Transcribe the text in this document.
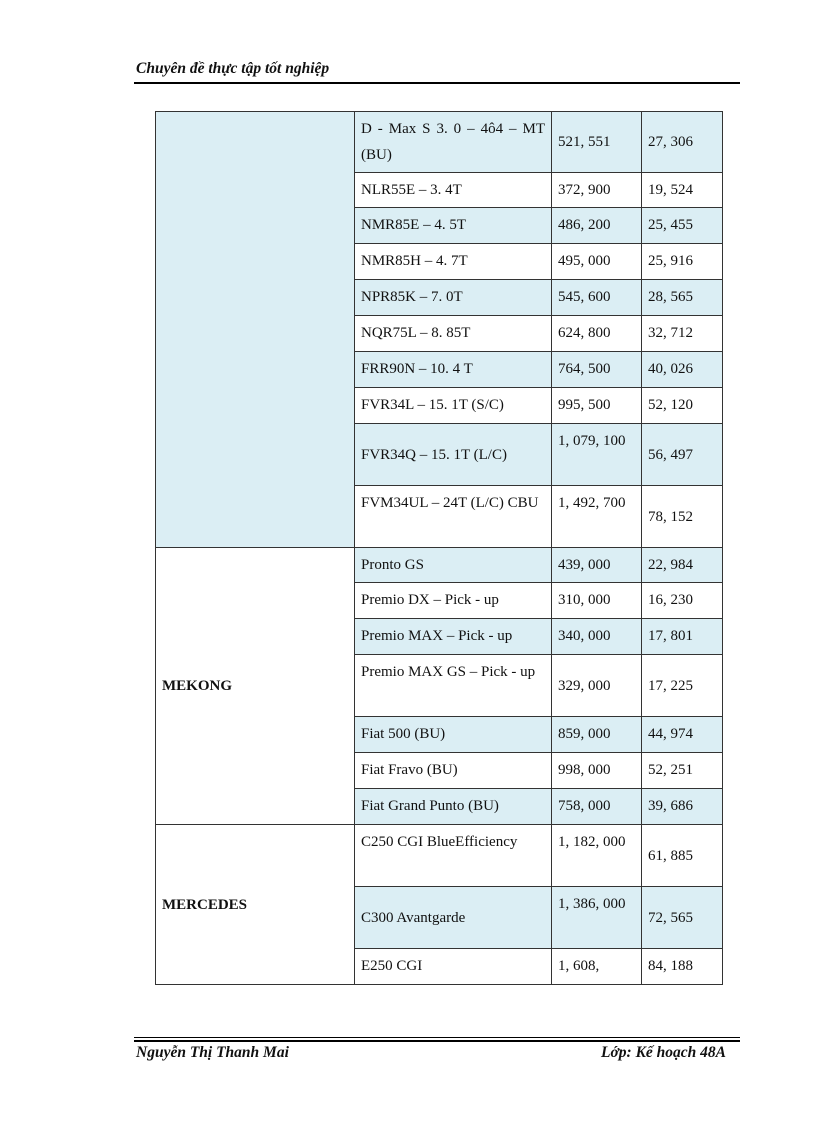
Chuyên đề thực tập tốt nghiệp
	D - Max S 3. 0 – 4ô4 – MT (BU)	521, 551	27, 306
	NLR55E – 3. 4T	372, 900	19, 524
	NMR85E – 4. 5T	486, 200	25, 455
	NMR85H – 4. 7T	495, 000	25, 916
	NPR85K – 7. 0T	545, 600	28, 565
	NQR75L – 8. 85T	624, 800	32, 712
	FRR90N – 10. 4 T	764, 500	40, 026
	FVR34L – 15. 1T (S/C)	995, 500	52, 120
	FVR34Q – 15. 1T (L/C)	1, 079, 100	56, 497
	FVM34UL – 24T (L/C) CBU	1, 492, 700	78, 152
MEKONG	Pronto GS	439, 000	22, 984
	Premio DX – Pick - up	310, 000	16, 230
	Premio MAX – Pick - up	340, 000	17, 801
	Premio MAX GS – Pick - up	329, 000	17, 225
	Fiat 500 (BU)	859, 000	44, 974
	Fiat Fravo (BU)	998, 000	52, 251
	Fiat Grand Punto (BU)	758, 000	39, 686
MERCEDES	C250 CGI BlueEfficiency	1, 182, 000	61, 885
	C300 Avantgarde	1, 386, 000	72, 565
	E250 CGI	1, 608,	84, 188
Nguyễn Thị Thanh Mai	Lớp: Kế hoạch 48A
